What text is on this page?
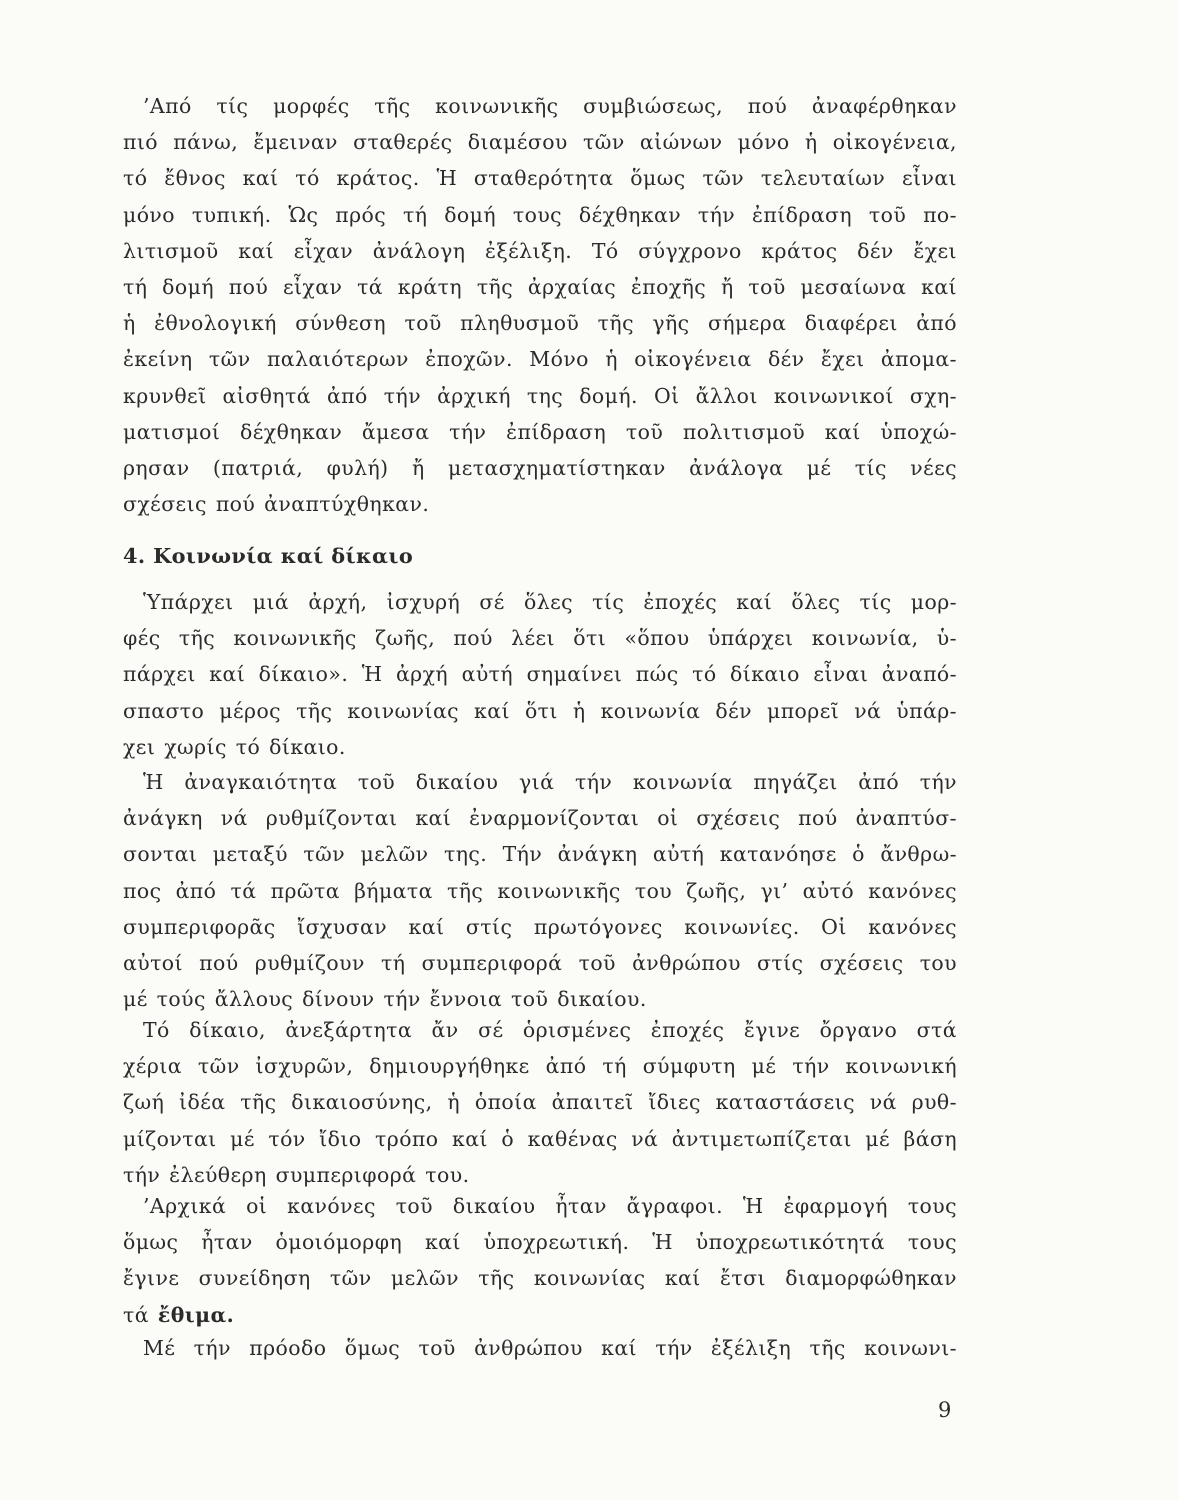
’Από τίς μορφές τῆς κοινωνικῆς συμβιώσεως, πού ἀναφέρθηκαν
πιό πάνω, ἔμειναν σταθερές διαμέσου τῶν αἰώνων μόνο ἡ οἰκογένεια,
τό ἔθνος καί τό κράτος. Ἡ σταθερότητα ὅμως τῶν τελευταίων εἶναι
μόνο τυπική. Ὡς πρός τή δομή τους δέχθηκαν τήν ἐπίδραση τοῦ πο-
λιτισμοῦ καί εἶχαν ἀνάλογη ἐξέλιξη. Τό σύγχρονο κράτος δέν ἔχει
τή δομή πού εἶχαν τά κράτη τῆς ἀρχαίας ἐποχῆς ἤ τοῦ μεσαίωνα καί
ἡ ἐθνολογική σύνθεση τοῦ πληθυσμοῦ τῆς γῆς σήμερα διαφέρει ἀπό
ἐκείνη τῶν παλαιότερων ἐποχῶν. Μόνο ἡ οἰκογένεια δέν ἔχει ἀπομα-
κρυνθεῖ αἰσθητά ἀπό τήν ἀρχική της δομή. Οἱ ἄλλοι κοινωνικοί σχη-
ματισμοί δέχθηκαν ἄμεσα τήν ἐπίδραση τοῦ πολιτισμοῦ καί ὑποχώ-
ρησαν (πατριά, φυλή) ἤ μετασχηματίστηκαν ἀνάλογα μέ τίς νέες
σχέσεις πού ἀναπτύχθηκαν.
4. Κοινωνία καί δίκαιο
Ὑπάρχει μιά ἀρχή, ἰσχυρή σέ ὅλες τίς ἐποχές καί ὅλες τίς μορ-
φές τῆς κοινωνικῆς ζωῆς, πού λέει ὅτι «ὅπου ὑπάρχει κοινωνία, ὑ-
πάρχει καί δίκαιο». Ἡ ἀρχή αὐτή σημαίνει πώς τό δίκαιο εἶναι ἀναπό-
σπαστο μέρος τῆς κοινωνίας καί ὅτι ἡ κοινωνία δέν μπορεῖ νά ὑπάρ-
χει χωρίς τό δίκαιο.
Ἡ ἀναγκαιότητα τοῦ δικαίου γιά τήν κοινωνία πηγάζει ἀπό τήν
ἀνάγκη νά ρυθμίζονται καί ἐναρμονίζονται οἱ σχέσεις πού ἀναπτύσ-
σονται μεταξύ τῶν μελῶν της. Τήν ἀνάγκη αὐτή κατανόησε ὁ ἄνθρω-
πος ἀπό τά πρῶτα βήματα τῆς κοινωνικῆς του ζωῆς, γι’ αὐτό κανόνες
συμπεριφορᾶς ἴσχυσαν καί στίς πρωτόγονες κοινωνίες. Οἱ κανόνες
αὐτοί πού ρυθμίζουν τή συμπεριφορά τοῦ ἀνθρώπου στίς σχέσεις του
μέ τούς ἄλλους δίνουν τήν ἔννοια τοῦ δικαίου.
Τό δίκαιο, ἀνεξάρτητα ἄν σέ ὁρισμένες ἐποχές ἔγινε ὄργανο στά
χέρια τῶν ἰσχυρῶν, δημιουργήθηκε ἀπό τή σύμφυτη μέ τήν κοινωνική
ζωή ἰδέα τῆς δικαιοσύνης, ἡ ὁποία ἀπαιτεῖ ἴδιες καταστάσεις νά ρυθ-
μίζονται μέ τόν ἴδιο τρόπο καί ὁ καθένας νά ἀντιμετωπίζεται μέ βάση
τήν ἐλεύθερη συμπεριφορά του.
’Αρχικά οἱ κανόνες τοῦ δικαίου ἦταν ἄγραφοι. Ἡ ἐφαρμογή τους
ὅμως ἦταν ὁμοιόμορφη καί ὑποχρεωτική. Ἡ ὑποχρεωτικότητά τους
ἔγινε συνείδηση τῶν μελῶν τῆς κοινωνίας καί ἔτσι διαμορφώθηκαν
τά ἔθιμα.
Μέ τήν πρόοδο ὅμως τοῦ ἀνθρώπου καί τήν ἐξέλιξη τῆς κοινωνι-
9
